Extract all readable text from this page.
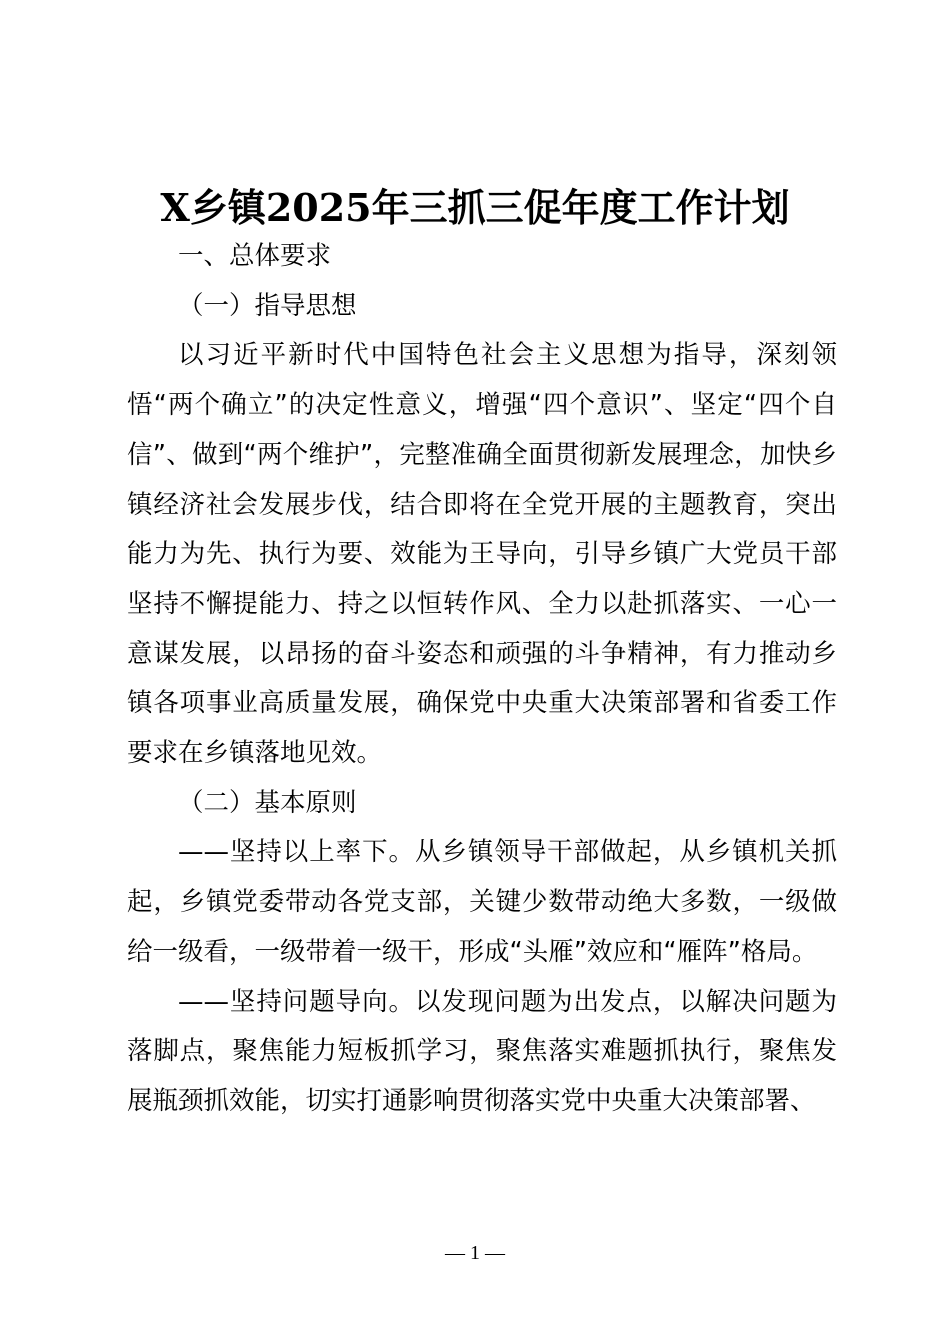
X乡镇2025年三抓三促年度工作计划

一、总体要求

（一）指导思想

以习近平新时代中国特色社会主义思想为指导，深刻领悟“两个确立”的决定性意义，增强“四个意识”、坚定“四个自信”、做到“两个维护”，完整准确全面贯彻新发展理念，加快乡镇经济社会发展步伐，结合即将在全党开展的主题教育，突出能力为先、执行为要、效能为王导向，引导乡镇广大党员干部坚持不懈提能力、持之以恒转作风、全力以赴抓落实、一心一意谋发展，以昂扬的奋斗姿态和顽强的斗争精神，有力推动乡镇各项事业高质量发展，确保党中央重大决策部署和省委工作要求在乡镇落地见效。

（二）基本原则

——坚持以上率下。从乡镇领导干部做起，从乡镇机关抓起，乡镇党委带动各党支部，关键少数带动绝大多数，一级做给一级看，一级带着一级干，形成“头雁”效应和“雁阵”格局。

——坚持问题导向。以发现问题为出发点，以解决问题为落脚点，聚焦能力短板抓学习，聚焦落实难题抓执行，聚焦发展瓶颈抓效能，切实打通影响贯彻落实党中央重大决策部署、

— 1 —
